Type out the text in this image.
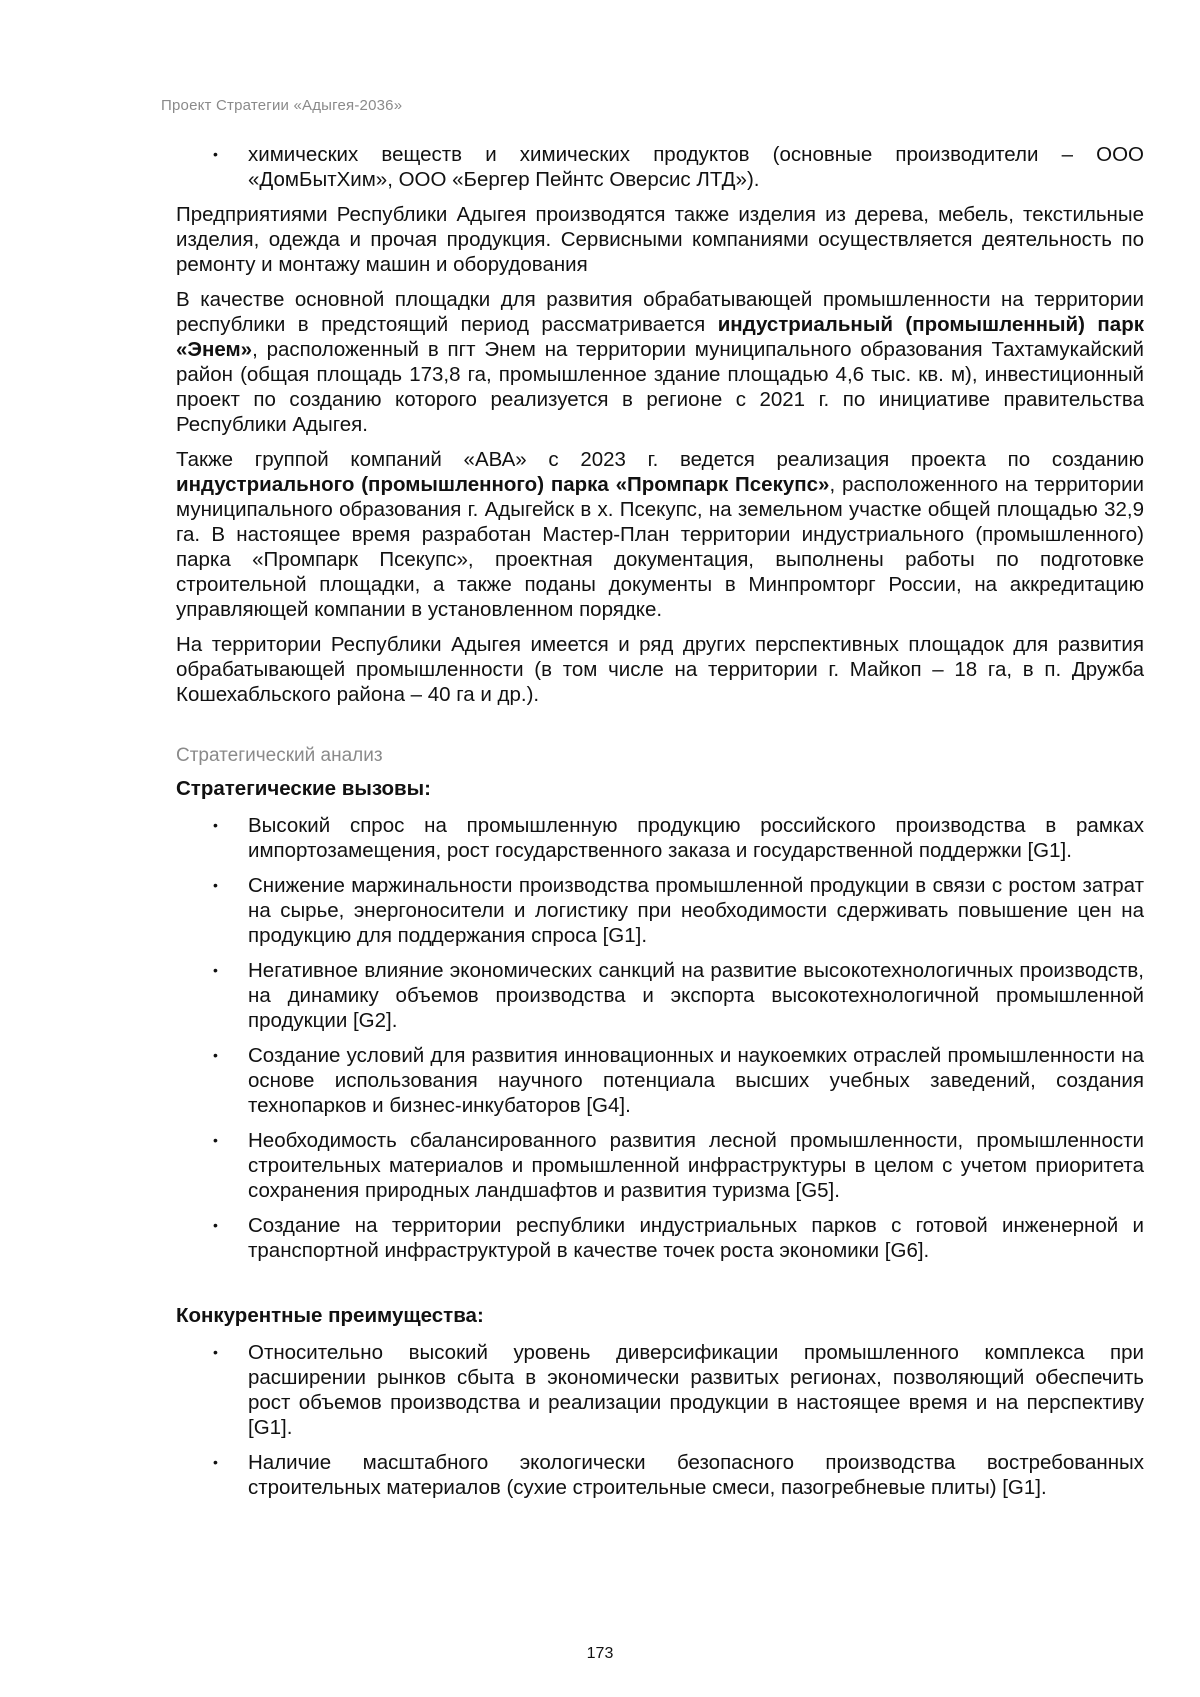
Проект Стратегии «Адыгея-2036»
• химических веществ и химических продуктов (основные производители – ООО «ДомБытХим», ООО «Бергер Пейнтс Оверсис ЛТД»).

Предприятиями Республики Адыгея производятся также изделия из дерева, мебель, текстильные изделия, одежда и прочая продукция. Сервисными компаниями осуществляется деятельность по ремонту и монтажу машин и оборудования

В качестве основной площадки для развития обрабатывающей промышленности на территории республики в предстоящий период рассматривается индустриальный (промышленный) парк «Энем», расположенный в пгт Энем на территории муниципального образования Тахтамукайский район (общая площадь 173,8 га, промышленное здание площадью 4,6 тыс. кв. м), инвестиционный проект по созданию которого реализуется в регионе с 2021 г. по инициативе правительства Республики Адыгея.

Также группой компаний «АВА» с 2023 г. ведется реализация проекта по созданию индустриального (промышленного) парка «Промпарк Псекупс», расположенного на территории муниципального образования г. Адыгейск в х. Псекупс, на земельном участке общей площадью 32,9 га. В настоящее время разработан Мастер-План территории индустриального (промышленного) парка «Промпарк Псекупс», проектная документация, выполнены работы по подготовке строительной площадки, а также поданы документы в Минпромторг России, на аккредитацию управляющей компании в установленном порядке.

На территории Республики Адыгея имеется и ряд других перспективных площадок для развития обрабатывающей промышленности (в том числе на территории г. Майкоп – 18 га, в п. Дружба Кошехабльского района – 40 га и др.).

Стратегический анализ
Стратегические вызовы:
• Высокий спрос на промышленную продукцию российского производства в рамках импортозамещения, рост государственного заказа и государственной поддержки [G1].
• Снижение маржинальности производства промышленной продукции в связи с ростом затрат на сырье, энергоносители и логистику при необходимости сдерживать повышение цен на продукцию для поддержания спроса [G1].
• Негативное влияние экономических санкций на развитие высокотехнологичных производств, на динамику объемов производства и экспорта высокотехнологичной промышленной продукции [G2].
• Создание условий для развития инновационных и наукоемких отраслей промышленности на основе использования научного потенциала высших учебных заведений, создания технопарков и бизнес-инкубаторов [G4].
• Необходимость сбалансированного развития лесной промышленности, промышленности строительных материалов и промышленной инфраструктуры в целом с учетом приоритета сохранения природных ландшафтов и развития туризма [G5].
• Создание на территории республики индустриальных парков с готовой инженерной и транспортной инфраструктурой в качестве точек роста экономики [G6].
Конкурентные преимущества:
• Относительно высокий уровень диверсификации промышленного комплекса при расширении рынков сбыта в экономически развитых регионах, позволяющий обеспечить рост объемов производства и реализации продукции в настоящее время и на перспективу [G1].
• Наличие масштабного экологически безопасного производства востребованных строительных материалов (сухие строительные смеси, пазогребневые плиты) [G1].
173
